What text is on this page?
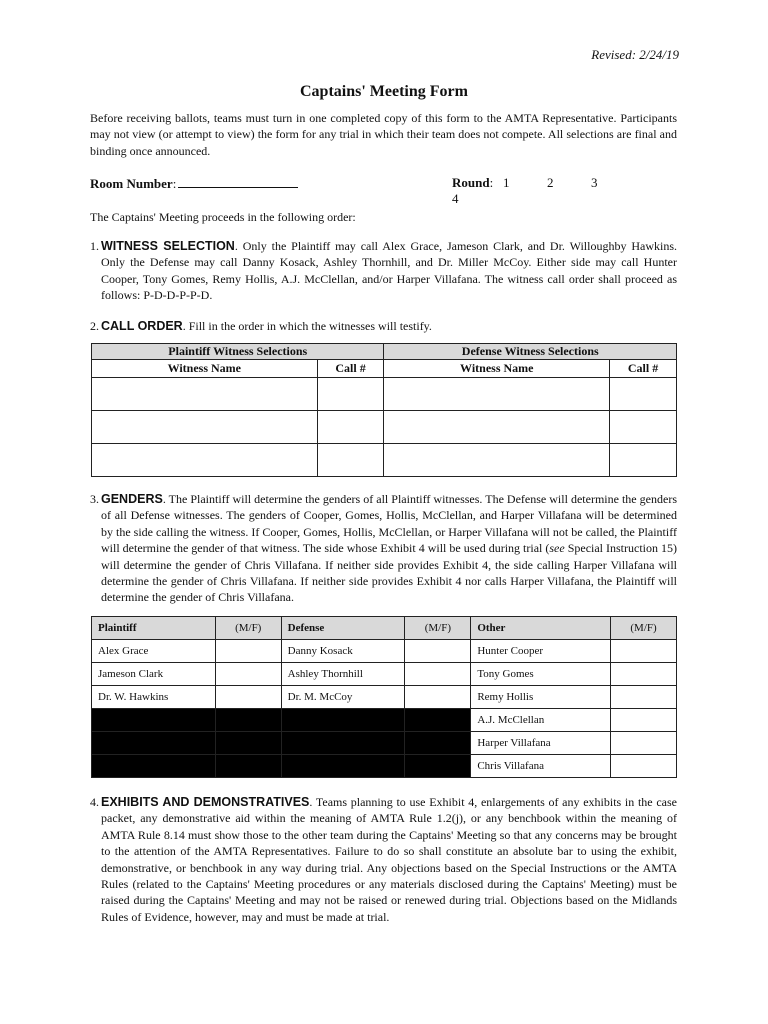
Revised: 2/24/19
Captains' Meeting Form
Before receiving ballots, teams must turn in one completed copy of this form to the AMTA Representative. Participants may not view (or attempt to view) the form for any trial in which their team does not compete. All selections are final and binding once announced.
Room Number:	Round:   1	2	34
The Captains' Meeting proceeds in the following order:
1. WITNESS SELECTION. Only the Plaintiff may call Alex Grace, Jameson Clark, and Dr. Willoughby Hawkins. Only the Defense may call Danny Kosack, Ashley Thornhill, and Dr. Miller McCoy. Either side may call Hunter Cooper, Tony Gomes, Remy Hollis, A.J. McClellan, and/or Harper Villafana. The witness call order shall proceed as follows: P-D-D-P-P-D.
2. CALL ORDER. Fill in the order in which the witnesses will testify.
Plaintiff Witness Selections		Defense Witness Selections	
Witness Name	Call #	Witness Name	Call #

3. GENDERS. The Plaintiff will determine the genders of all Plaintiff witnesses. The Defense will determine the genders of all Defense witnesses. The genders of Cooper, Gomes, Hollis, McClellan, and Harper Villafana will be determined by the side calling the witness. If Cooper, Gomes, Hollis, McClellan, or Harper Villafana will not be called, the Plaintiff will determine the gender of that witness. The side whose Exhibit 4 will be used during trial (see Special Instruction 15) will determine the gender of Chris Villafana. If neither side provides Exhibit 4, the side calling Harper Villafana will determine the gender of Chris Villafana. If neither side provides Exhibit 4 nor calls Harper Villafana, the Plaintiff will determine the gender of Chris Villafana.
Plaintiff	(M/F)	Defense	(M/F)	Other	(M/F)
Alex Grace		Danny Kosack		Hunter Cooper	
Jameson Clark		Ashley Thornhill		Tony Gomes	
Dr. W. Hawkins		Dr. M. McCoy		Remy Hollis	
				A.J. McClellan	
				Harper Villafana	
				Chris Villafana	
4. EXHIBITS AND DEMONSTRATIVES. Teams planning to use Exhibit 4, enlargements of any exhibits in the case packet, any demonstrative aid within the meaning of AMTA Rule 1.2(j), or any benchbook within the meaning of AMTA Rule 8.14 must show those to the other team during the Captains' Meeting so that any concerns may be brought to the attention of the AMTA Representatives. Failure to do so shall constitute an absolute bar to using the exhibit, demonstrative, or benchbook in any way during trial. Any objections based on the Special Instructions or the AMTA Rules (related to the Captains' Meeting procedures or any materials disclosed during the Captains' Meeting) must be raised during the Captains' Meeting and may not be raised or renewed during trial. Objections based on the Midlands Rules of Evidence, however, may and must be made at trial.
